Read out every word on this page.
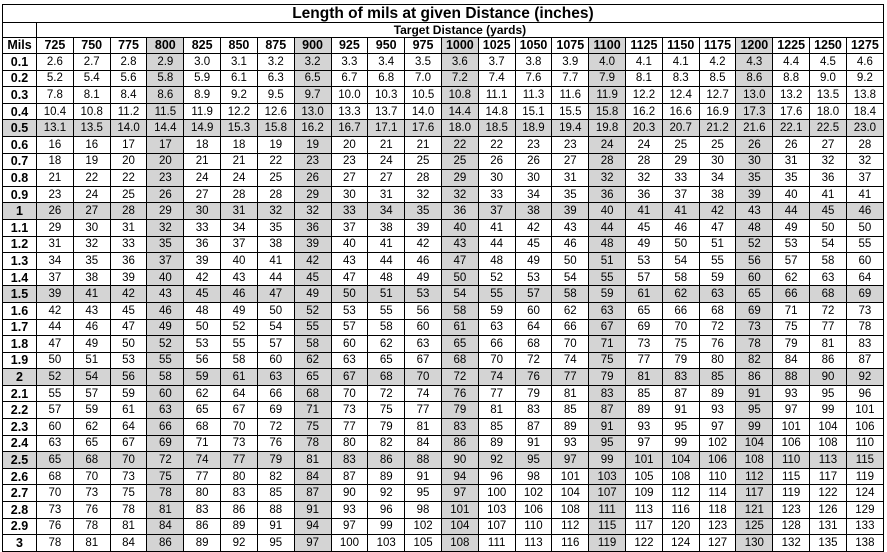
Length of mils at given Distance (inches)																							
	Target Distance (yards)																						
Mils	725	750	775	800	825	850	875	900	925	950	975	1000	1025	1050	1075	1100	1125	1150	1175	1200	1225	1250	1275
0.1	2.6	2.7	2.8	2.9	3.0	3.1	3.2	3.2	3.3	3.4	3.5	3.6	3.7	3.8	3.9	4.0	4.1	4.1	4.2	4.3	4.4	4.5	4.6
0.2	5.2	5.4	5.6	5.8	5.9	6.1	6.3	6.5	6.7	6.8	7.0	7.2	7.4	7.6	7.7	7.9	8.1	8.3	8.5	8.6	8.8	9.0	9.2
0.3	7.8	8.1	8.4	8.6	8.9	9.2	9.5	9.7	10.0	10.3	10.5	10.8	11.1	11.3	11.6	11.9	12.2	12.4	12.7	13.0	13.2	13.5	13.8
0.4	10.4	10.8	11.2	11.5	11.9	12.2	12.6	13.0	13.3	13.7	14.0	14.4	14.8	15.1	15.5	15.8	16.2	16.6	16.9	17.3	17.6	18.0	18.4
0.5	13.1	13.5	14.0	14.4	14.9	15.3	15.8	16.2	16.7	17.1	17.6	18.0	18.5	18.9	19.4	19.8	20.3	20.7	21.2	21.6	22.1	22.5	23.0
0.6	16	16	17	17	18	18	19	19	20	21	21	22	22	23	23	24	24	25	25	26	26	27	28
0.7	18	19	20	20	21	21	22	23	23	24	25	25	26	26	27	28	28	29	30	30	31	32	32
0.8	21	22	22	23	24	24	25	26	27	27	28	29	30	30	31	32	32	33	34	35	35	36	37
0.9	23	24	25	26	27	28	28	29	30	31	32	32	33	34	35	36	36	37	38	39	40	41	41
1	26	27	28	29	30	31	32	32	33	34	35	36	37	38	39	40	41	41	42	43	44	45	46
1.1	29	30	31	32	33	34	35	36	37	38	39	40	41	42	43	44	45	46	47	48	49	50	50
1.2	31	32	33	35	36	37	38	39	40	41	42	43	44	45	46	48	49	50	51	52	53	54	55
1.3	34	35	36	37	39	40	41	42	43	44	46	47	48	49	50	51	53	54	55	56	57	58	60
1.4	37	38	39	40	42	43	44	45	47	48	49	50	52	53	54	55	57	58	59	60	62	63	64
1.5	39	41	42	43	45	46	47	49	50	51	53	54	55	57	58	59	61	62	63	65	66	68	69
1.6	42	43	45	46	48	49	50	52	53	55	56	58	59	60	62	63	65	66	68	69	71	72	73
1.7	44	46	47	49	50	52	54	55	57	58	60	61	63	64	66	67	69	70	72	73	75	77	78
1.8	47	49	50	52	53	55	57	58	60	62	63	65	66	68	70	71	73	75	76	78	79	81	83
1.9	50	51	53	55	56	58	60	62	63	65	67	68	70	72	74	75	77	79	80	82	84	86	87
2	52	54	56	58	59	61	63	65	67	68	70	72	74	76	77	79	81	83	85	86	88	90	92
2.1	55	57	59	60	62	64	66	68	70	72	74	76	77	79	81	83	85	87	89	91	93	95	96
2.2	57	59	61	63	65	67	69	71	73	75	77	79	81	83	85	87	89	91	93	95	97	99	101
2.3	60	62	64	66	68	70	72	75	77	79	81	83	85	87	89	91	93	95	97	99	101	104	106
2.4	63	65	67	69	71	73	76	78	80	82	84	86	89	91	93	95	97	99	102	104	106	108	110
2.5	65	68	70	72	74	77	79	81	83	86	88	90	92	95	97	99	101	104	106	108	110	113	115
2.6	68	70	73	75	77	80	82	84	87	89	91	94	96	98	101	103	105	108	110	112	115	117	119
2.7	70	73	75	78	80	83	85	87	90	92	95	97	100	102	104	107	109	112	114	117	119	122	124
2.8	73	76	78	81	83	86	88	91	93	96	98	101	103	106	108	111	113	116	118	121	123	126	129
2.9	76	78	81	84	86	89	91	94	97	99	102	104	107	110	112	115	117	120	123	125	128	131	133
3	78	81	84	86	89	92	95	97	100	103	105	108	111	113	116	119	122	124	127	130	132	135	138
